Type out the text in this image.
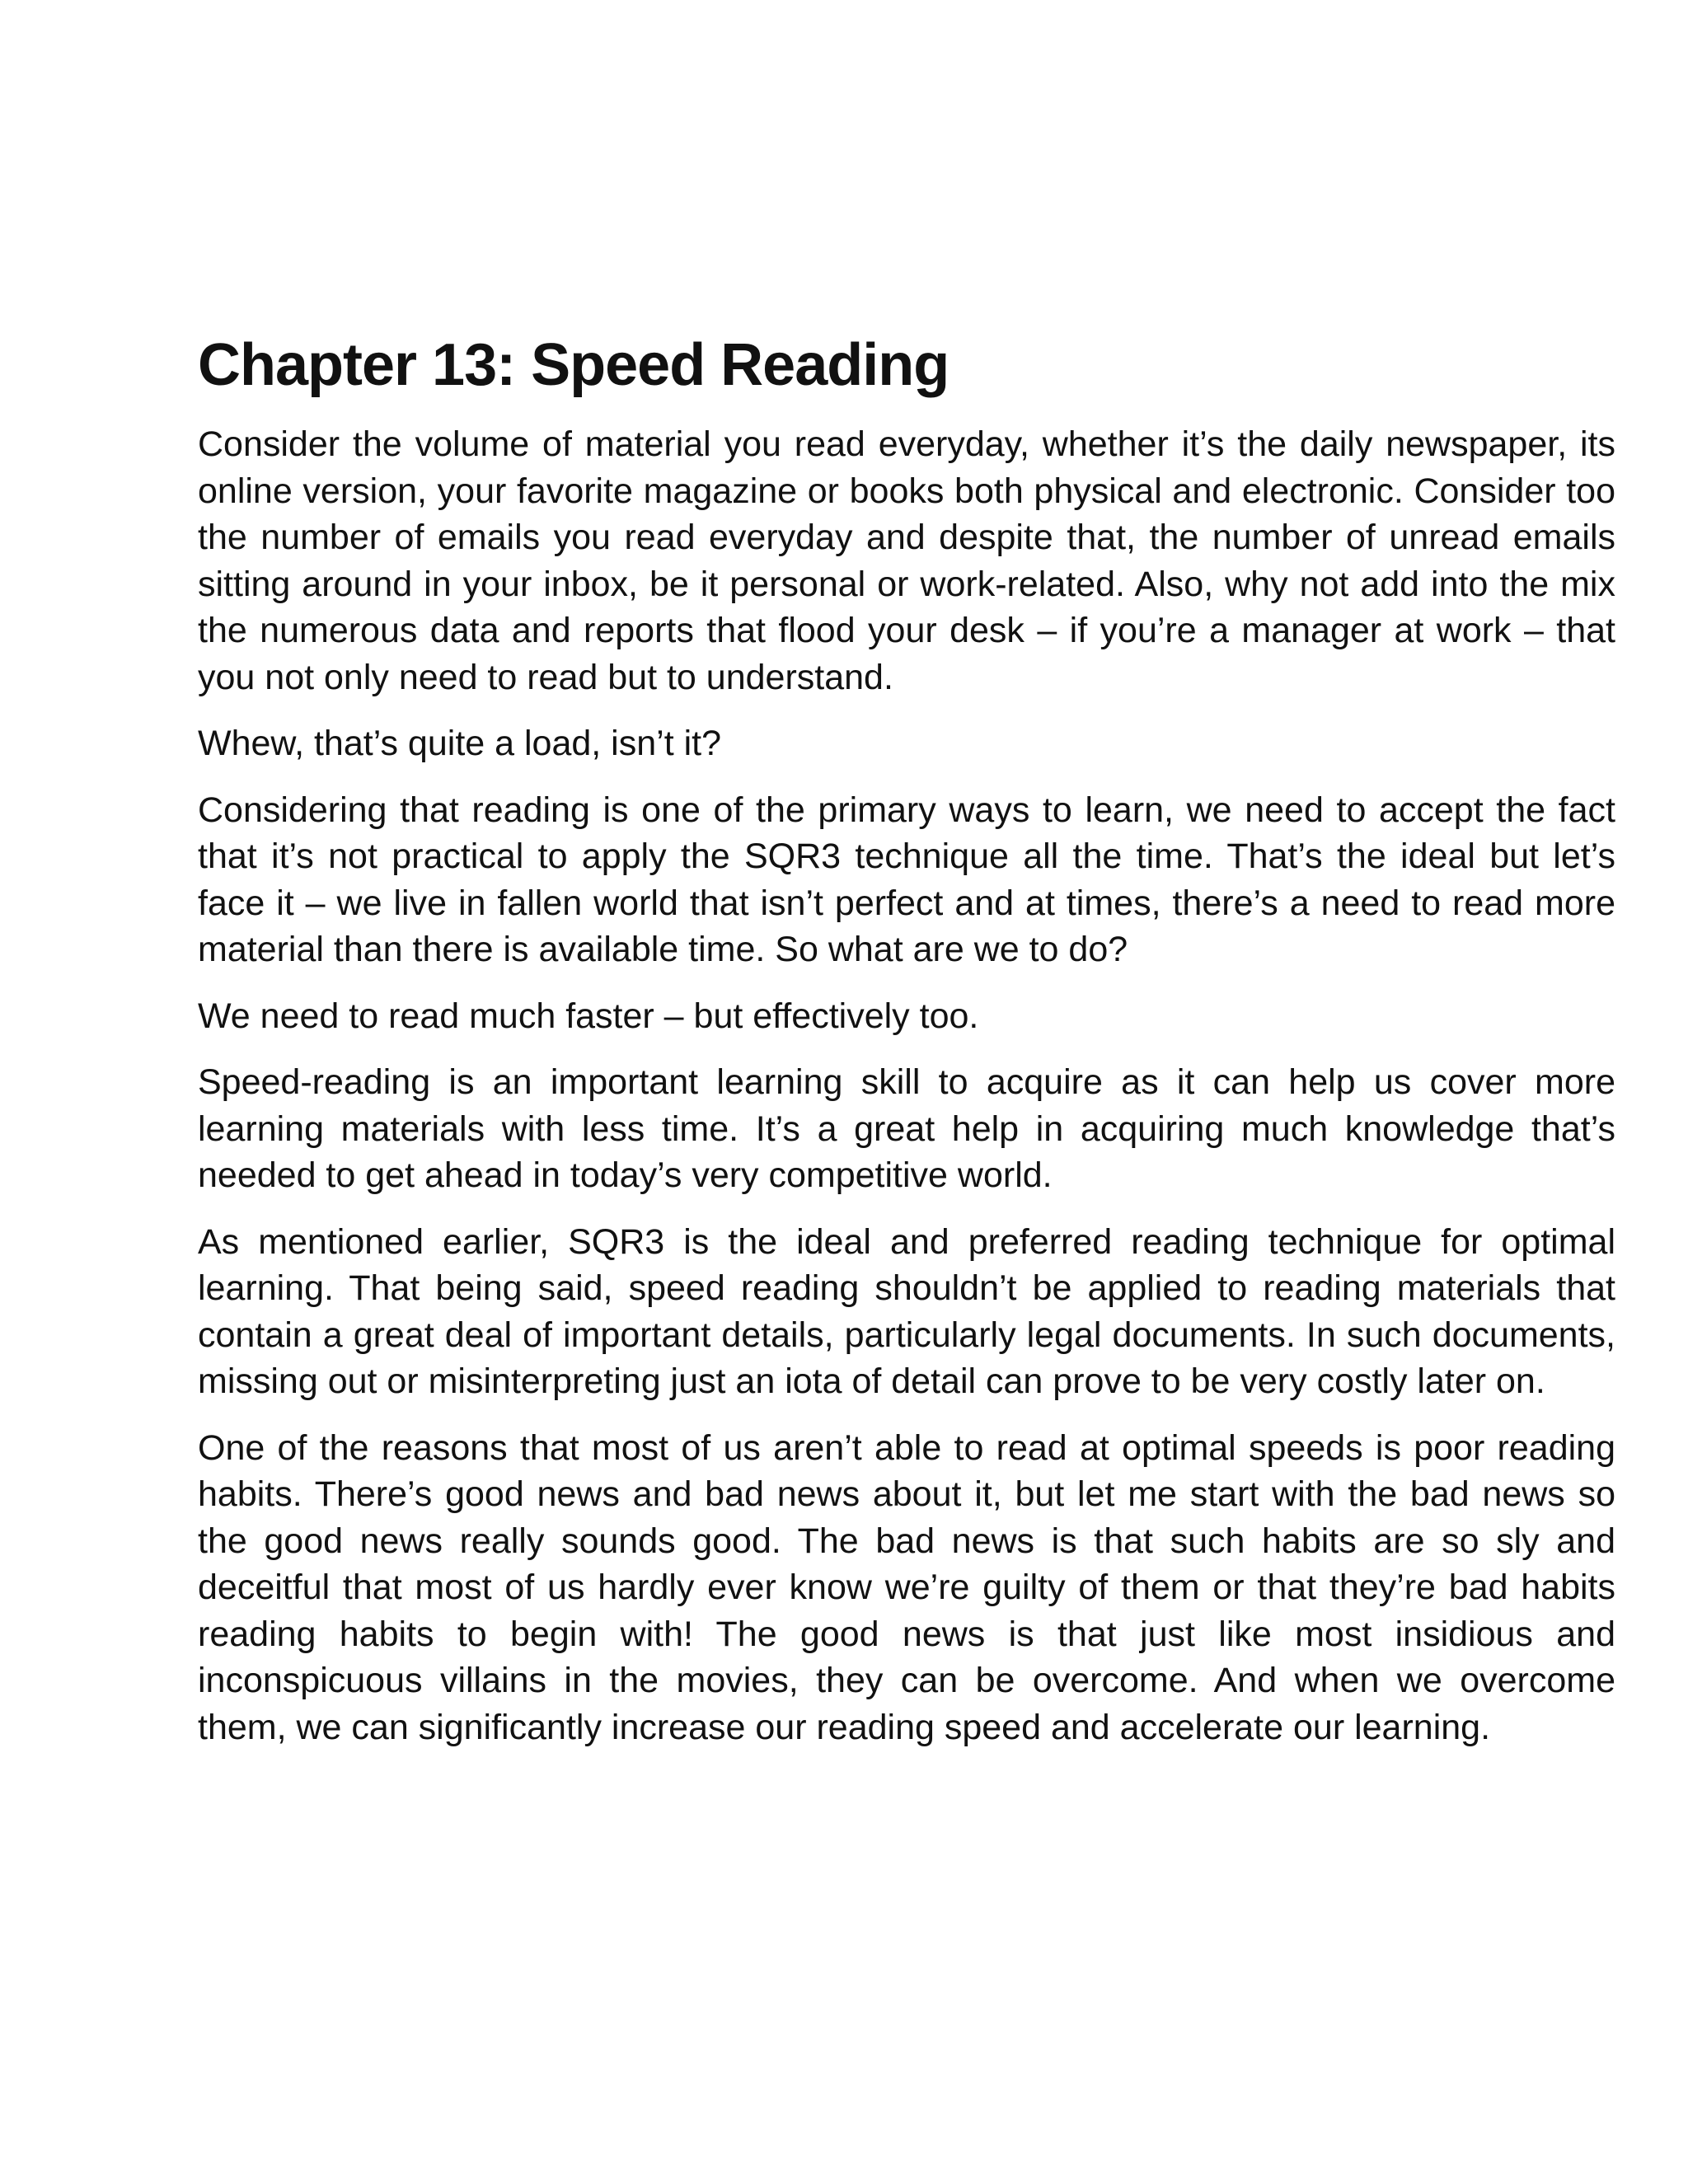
Chapter 13: Speed Reading

Consider the volume of material you read everyday, whether it’s the daily newspaper, its online version, your favorite magazine or books both physical and electronic. Consider too the number of emails you read everyday and despite that, the number of unread emails sitting around in your inbox, be it personal or work-related. Also, why not add into the mix the numerous data and reports that flood your desk – if you’re a manager at work – that you not only need to read but to understand.

Whew, that’s quite a load, isn’t it?

Considering that reading is one of the primary ways to learn, we need to accept the fact that it’s not practical to apply the SQR3 technique all the time. That’s the ideal but let’s face it – we live in fallen world that isn’t perfect and at times, there’s a need to read more material than there is available time. So what are we to do?

We need to read much faster – but effectively too.

Speed-reading is an important learning skill to acquire as it can help us cover more learning materials with less time. It’s a great help in acquiring much knowledge that’s needed to get ahead in today’s very competitive world.

As mentioned earlier, SQR3 is the ideal and preferred reading technique for optimal learning. That being said, speed reading shouldn’t be applied to reading materials that contain a great deal of important details, particularly legal documents. In such documents, missing out or misinterpreting just an iota of detail can prove to be very costly later on.

One of the reasons that most of us aren’t able to read at optimal speeds is poor reading habits. There’s good news and bad news about it, but let me start with the bad news so the good news really sounds good. The bad news is that such habits are so sly and deceitful that most of us hardly ever know we’re guilty of them or that they’re bad habits reading habits to begin with! The good news is that just like most insidious and inconspicuous villains in the movies, they can be overcome. And when we overcome them, we can significantly increase our reading speed and accelerate our learning.
